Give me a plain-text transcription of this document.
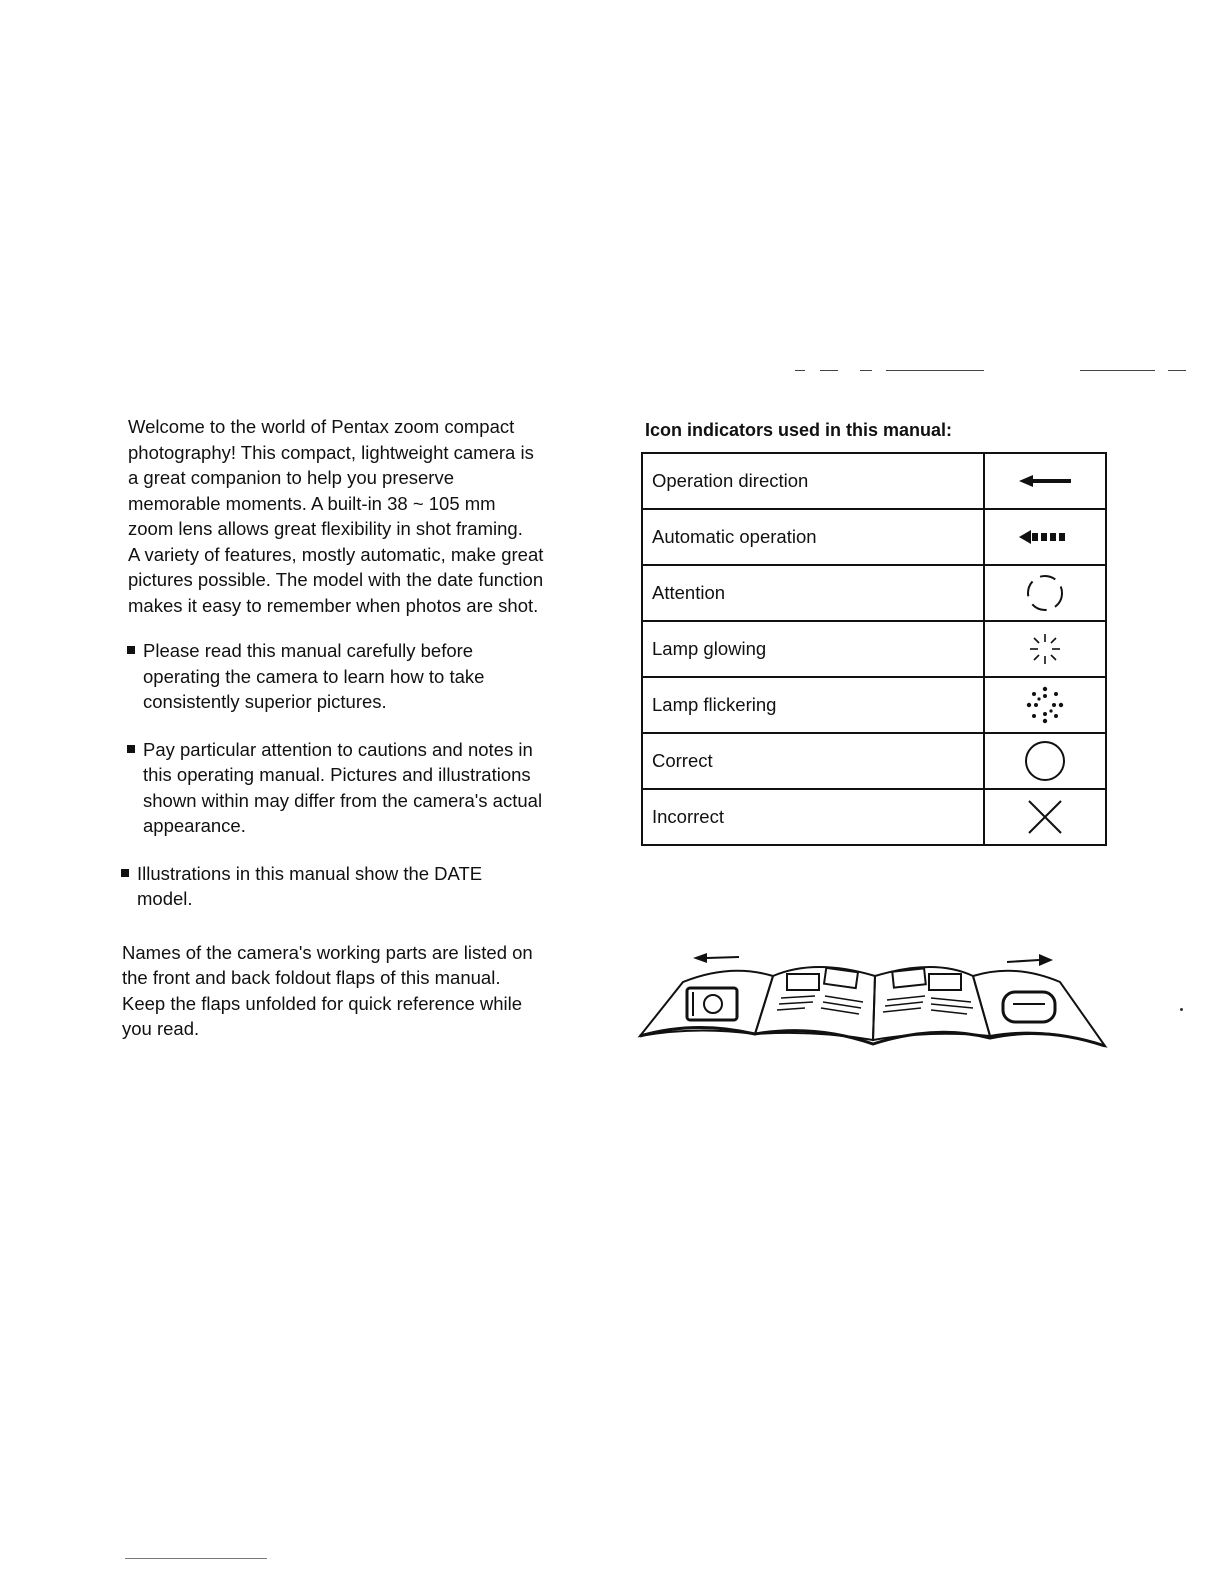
Welcome to the world of Pentax zoom compact
photography! This compact, lightweight camera is
a great companion to help you preserve
memorable moments. A built-in 38 ~ 105 mm
zoom lens allows great flexibility in shot framing.
A variety of features, mostly automatic, make great
pictures possible. The model with the date function
makes it easy to remember when photos are shot.

Please read this manual carefully before
operating the camera to learn how to take
consistently superior pictures.
Pay particular attention to cautions and notes in
this operating manual. Pictures and illustrations
shown within may differ from the camera's actual
appearance.
Illustrations in this manual show the DATE
model.

Names of the camera's working parts are listed on
the front and back foldout flaps of this manual.
Keep the flaps unfolded for quick reference while
you read.

Icon indicators used in this manual:
Operation direction	

Automatic operation	

Attention	

Lamp glowing	

Lamp flickering	

Correct	

Incorrect	
